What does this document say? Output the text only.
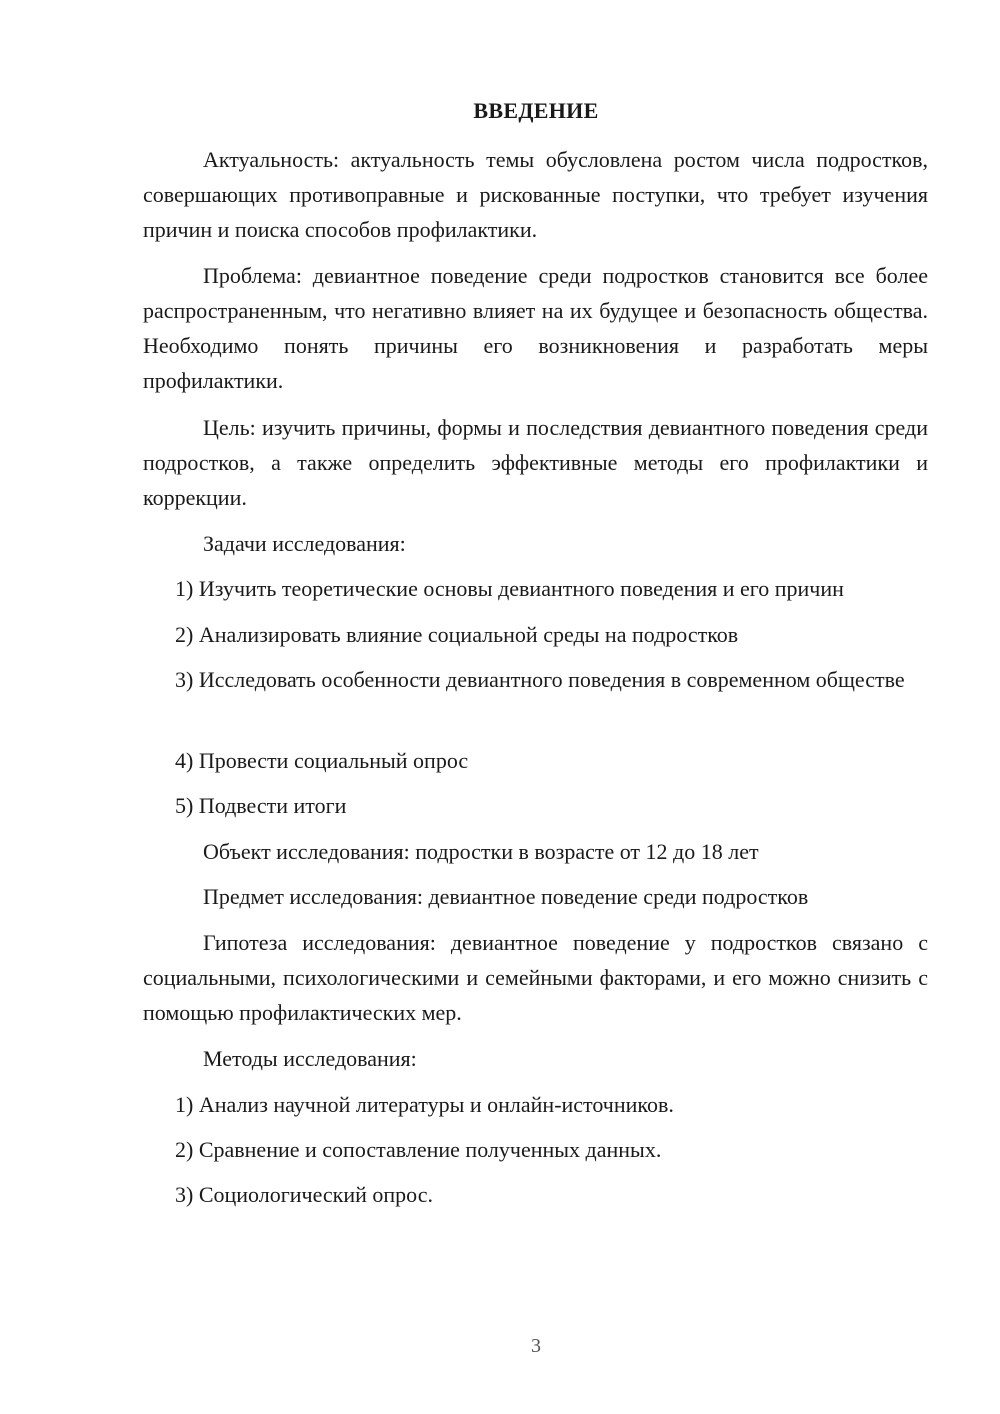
ВВЕДЕНИЕ

Актуальность: актуальность темы обусловлена ростом числа подростков, совершающих противоправные и рискованные поступки, что требует изучения причин и поиска способов профилактики.

Проблема: девиантное поведение среди подростков становится все более распространенным, что негативно влияет на их будущее и безопасность общества. Необходимо понять причины его возникновения и разработать меры профилактики.

Цель: изучить причины, формы и последствия девиантного поведения среди подростков, а также определить эффективные методы его профилактики и коррекции.

Задачи исследования:

1) Изучить теоретические основы девиантного поведения и его причин

2) Анализировать влияние социальной среды на подростков

3) Исследовать особенности девиантного поведения в современном обществе

4) Провести социальный опрос

5) Подвести итоги

Объект исследования: подростки в возрасте от 12 до 18 лет

Предмет исследования: девиантное поведение среди подростков

Гипотеза исследования: девиантное поведение у подростков связано с социальными, психологическими и семейными факторами, и его можно снизить с помощью профилактических мер.

Методы исследования:

1) Анализ научной литературы и онлайн-источников.

2) Сравнение и сопоставление полученных данных.

3) Социологический опрос.

3
